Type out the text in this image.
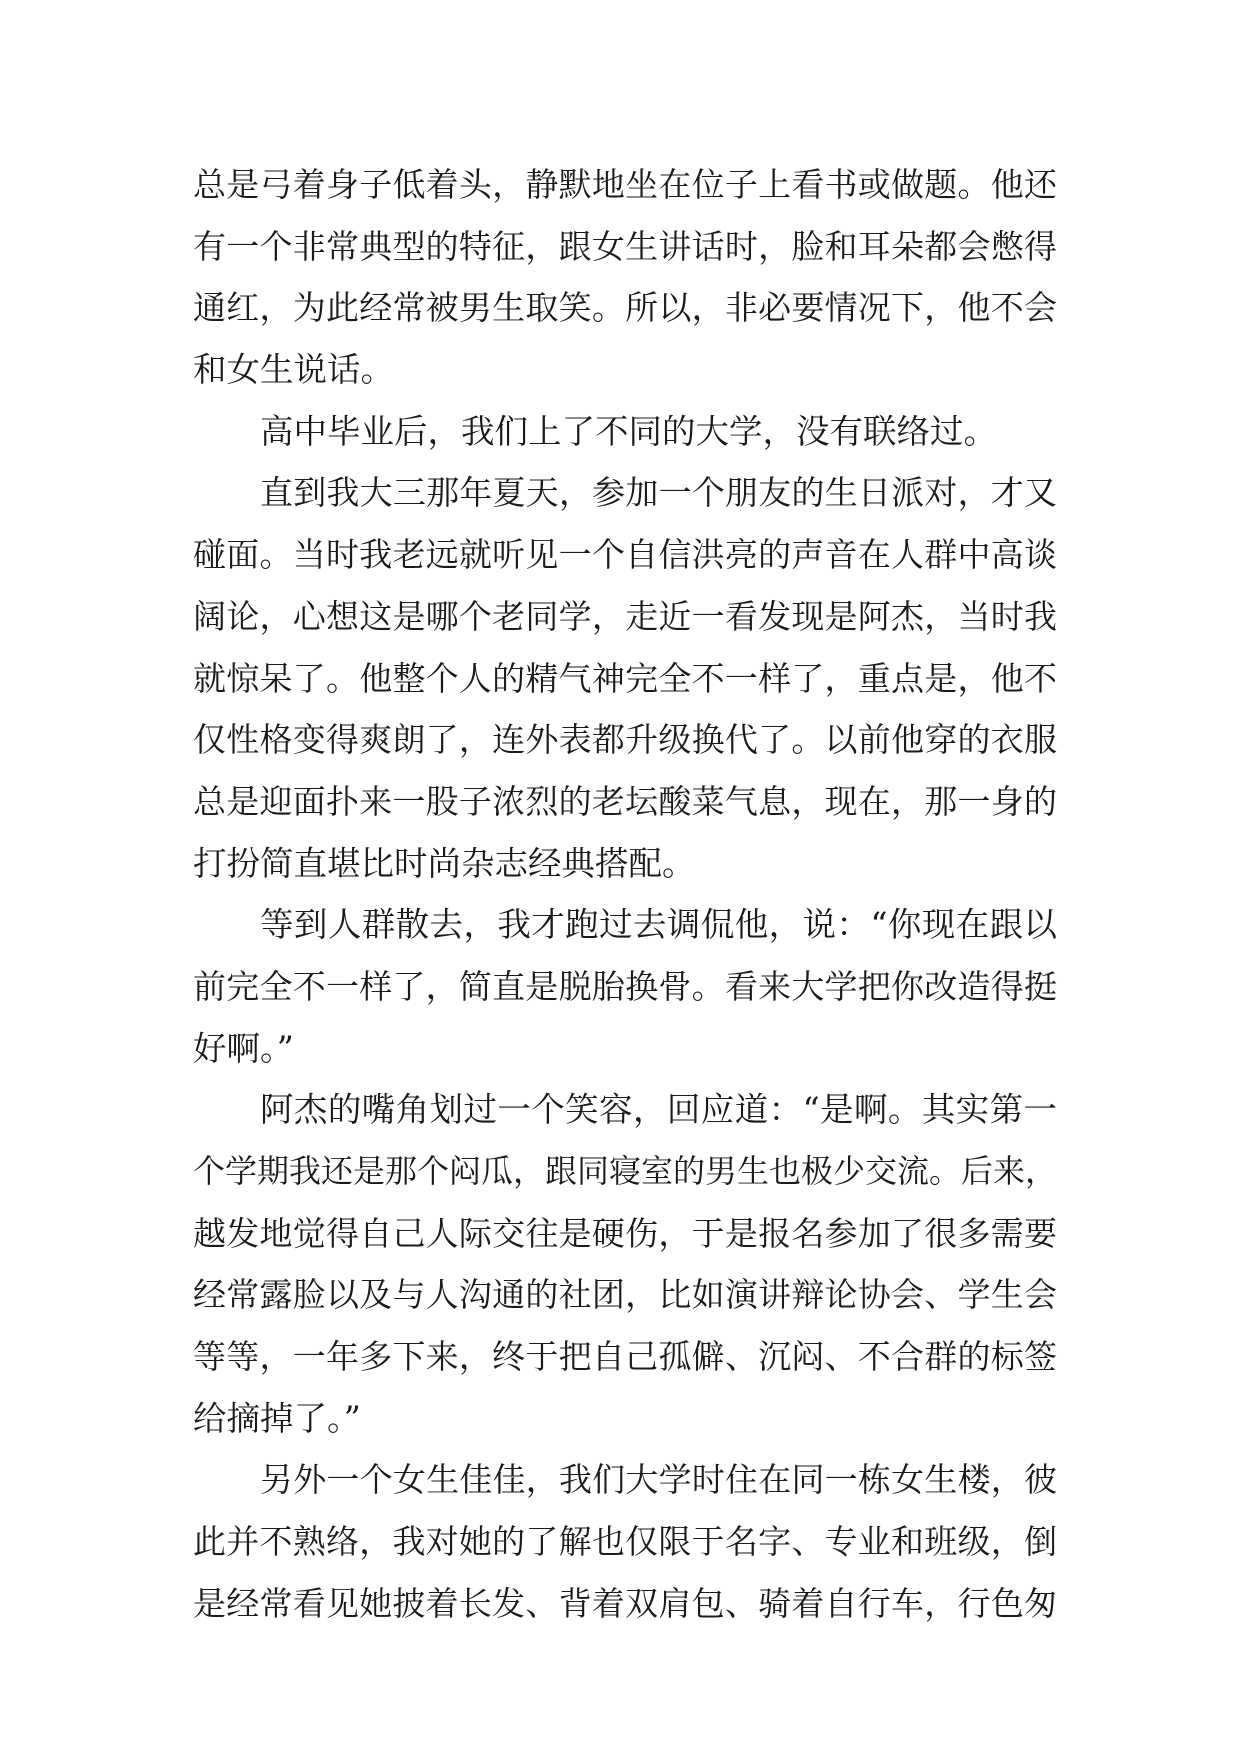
总是弓着身子低着头，静默地坐在位子上看书或做题。他还
有一个非常典型的特征，跟女生讲话时，脸和耳朵都会憋得
通红，为此经常被男生取笑。所以，非必要情况下，他不会
和女生说话。
高中毕业后，我们上了不同的大学，没有联络过。
直到我大三那年夏天，参加一个朋友的生日派对，才又
碰面。当时我老远就听见一个自信洪亮的声音在人群中高谈
阔论，心想这是哪个老同学，走近一看发现是阿杰，当时我
就惊呆了。他整个人的精气神完全不一样了，重点是，他不
仅性格变得爽朗了，连外表都升级换代了。以前他穿的衣服
总是迎面扑来一股子浓烈的老坛酸菜气息，现在，那一身的
打扮简直堪比时尚杂志经典搭配。
等到人群散去，我才跑过去调侃他，说：“你现在跟以
前完全不一样了，简直是脱胎换骨。看来大学把你改造得挺
好啊。”
阿杰的嘴角划过一个笑容，回应道：“是啊。其实第一
个学期我还是那个闷瓜，跟同寝室的男生也极少交流。后来，
越发地觉得自己人际交往是硬伤，于是报名参加了很多需要
经常露脸以及与人沟通的社团，比如演讲辩论协会、学生会
等等，一年多下来，终于把自己孤僻、沉闷、不合群的标签
给摘掉了。”
另外一个女生佳佳，我们大学时住在同一栋女生楼，彼
此并不熟络，我对她的了解也仅限于名字、专业和班级，倒
是经常看见她披着长发、背着双肩包、骑着自行车，行色匆
